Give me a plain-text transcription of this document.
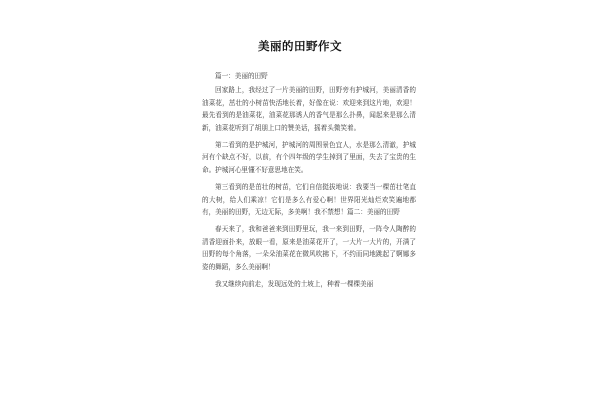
美丽的田野作文

篇一：美丽的田野

回家路上，我经过了一片美丽的田野，田野旁有护城河，美丽清香的油菜花，茁壮的小树苗快活地长着，好像在说：欢迎来到这片地，欢迎！最先看到的是油菜花，油菜花那诱人的香气是那么扑鼻，闻起来是那么清新，油菜花听到了胡朋上口的赞美话，摇着头微笑着。

第二看到的是护城河，护城河的周围景色宜人，水是那么清澈，护城河有个缺点不好，以前，有个四年级的学生掉到了里面，失去了宝贵的生命。护城河心里懂不好意思地在笑。

第三看到的是茁壮的树苗，它们自信挺拔地说：我要当一棵茁壮笔直的大树，给人们乘凉！它们是多么有爱心啊！世界阳光灿烂欢笑遍地都有，美丽的田野，无边无际，多美啊！我不禁想！篇二：美丽的田野

春天来了，我和爸爸来到田野里玩，我一来到田野，一阵令人陶醉的清香迎面扑来，放眼一看，原来是油菜花开了，一大片一大片的，开满了田野的每个角落，一朵朵油菜花在微风吹拂下，不约而同地跳起了婀娜多姿的舞蹈，多么美丽啊！

我又继续向前走，发现远处的土坡上，种着一棵棵美丽
